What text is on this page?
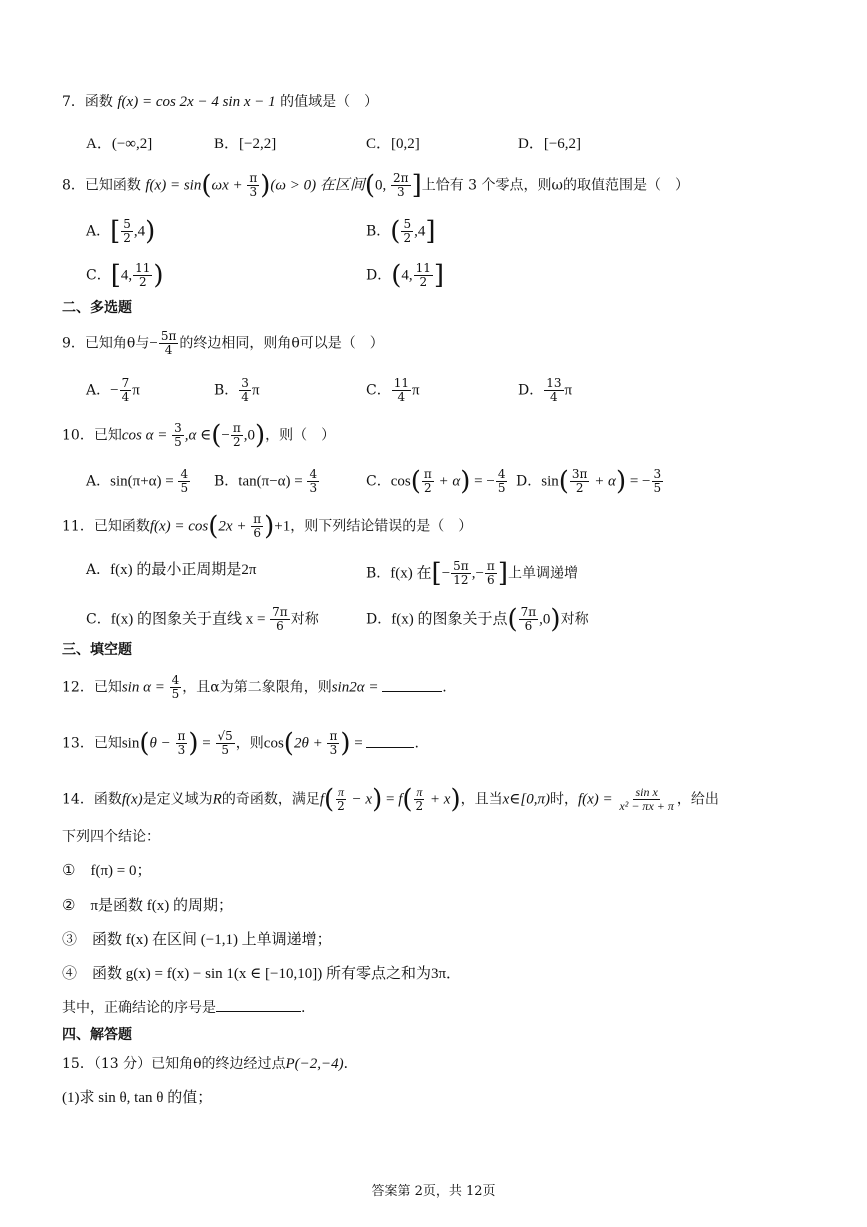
7．函数 f(x) = cos 2x − 4 sin x − 1 的值域是（　）
A．(−∞,2]	B．[−2,2]	C．[0,2]	D．[−6,2]
8．已知函数 $f(x) = \sin(\omega x + \frac{\pi}{3} )(\omega > 0)$ 在区间(0, $\frac{2\pi}{3}$ ]上恰有 3 个零点，则ω的取值范围是（　）
A．[ $\frac{5}{2} ,4$)	B．( $\frac{5}{2} ,4$]
C．[4, $\frac{11}{2}$ )	D．(4, $\frac{11}{2}$ ]
二、多选题
9．已知角θ与− $\frac{5\pi}{4}$ 的终边相同，则角θ可以是（　）
A．− $\frac{7}{4}$ π	B． $\frac{3}{4}$ π	C． $\frac{11}{4}$ π	D． $\frac{13}{4}$ π
10．已知$\cos \alpha = \frac{3}{5} ,\alpha$ ∈(− $\frac{\pi}{2} ,0$)，则（　）
A．$\sin(\pi+\alpha) = \frac{4}{5}$ B．$\tan(\pi-\alpha) = \frac{4}{3}$	C．$\cos( \frac{\pi}{2} + \alpha)$ = − $\frac{4}{5}$ D．$\sin( \frac{3\pi}{2} + \alpha)$ = − $\frac{3}{5}$
11．已知函数$f(x) = \cos(2x + \frac{\pi}{6} )+1$，则下列结论错误的是（　）
A．f(x) 的最小正周期是2π	B．f(x) 在[− $\frac{5\pi}{12}$ ,− $\frac{\pi}{6}$ ]上单调递增
C．f(x) 的图象关于直线 $x = \frac{7\pi}{6}$ 对称	D．f(x) 的图象关于点( $\frac{7\pi}{6} ,0$)对称
三、填空题
12．已知$\sin \alpha = \frac{4}{5}$ ，且α为第二象限角，则sin2α =	.
13．已知$\sin(\theta - \frac{\pi}{3}$ ) = $\frac{√5}{5}$ ，则$\cos(2\theta + \frac{\pi}{3}$ ) =	.
14．函数f(x)是定义域为R的奇函数，满足$f( \frac{\pi}{2} - x) = f( \frac{\pi}{2} + x)$，且当x∈[0,π)时，$f(x) = \frac{\text{sin x}}{\text{x² − πx + π}}$ ，给出
下列四个结论：
①　f(π) = 0；
②　π是函数 f(x) 的周期；
③　函数 f(x) 在区间 (−1,1) 上单调递增；
④　函数 g(x) = f(x) − sin 1(x ∈ [−10,10]) 所有零点之和为3π．
其中，正确结论的序号是	.
四、解答题
15．（13 分）已知角θ的终边经过点P(−2,−4)．
(1)求 sin θ, tan θ 的值；
答案第 2页，共 12页
